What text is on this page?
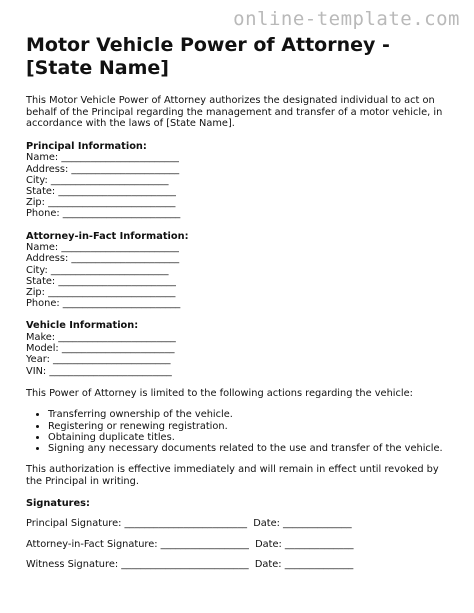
online-template.com
Motor Vehicle Power of Attorney -
[State Name]

This Motor Vehicle Power of Attorney authorizes the designated individual to act on behalf of the Principal regarding the management and transfer of a motor vehicle, in accordance with the laws of [State Name].

Principal Information:

Name: ________________________

Address: ______________________

City: ________________________

State: ________________________

Zip: __________________________

Phone: ________________________

Attorney-in-Fact Information:

Name: ________________________

Address: ______________________

City: ________________________

State: ________________________

Zip: __________________________

Phone: ________________________

Vehicle Information:

Make: ________________________

Model: _______________________

Year: ________________________

VIN: _________________________

This Power of Attorney is limited to the following actions regarding the vehicle:

• Transferring ownership of the vehicle.
• Registering or renewing registration.
• Obtaining duplicate titles.
• Signing any necessary documents related to the use and transfer of the vehicle.

This authorization is effective immediately and will remain in effect until revoked by the Principal in writing.

Signatures:

Principal Signature: _________________________  Date: ______________

Attorney-in-Fact Signature: __________________  Date: ______________

Witness Signature: __________________________  Date: ______________
